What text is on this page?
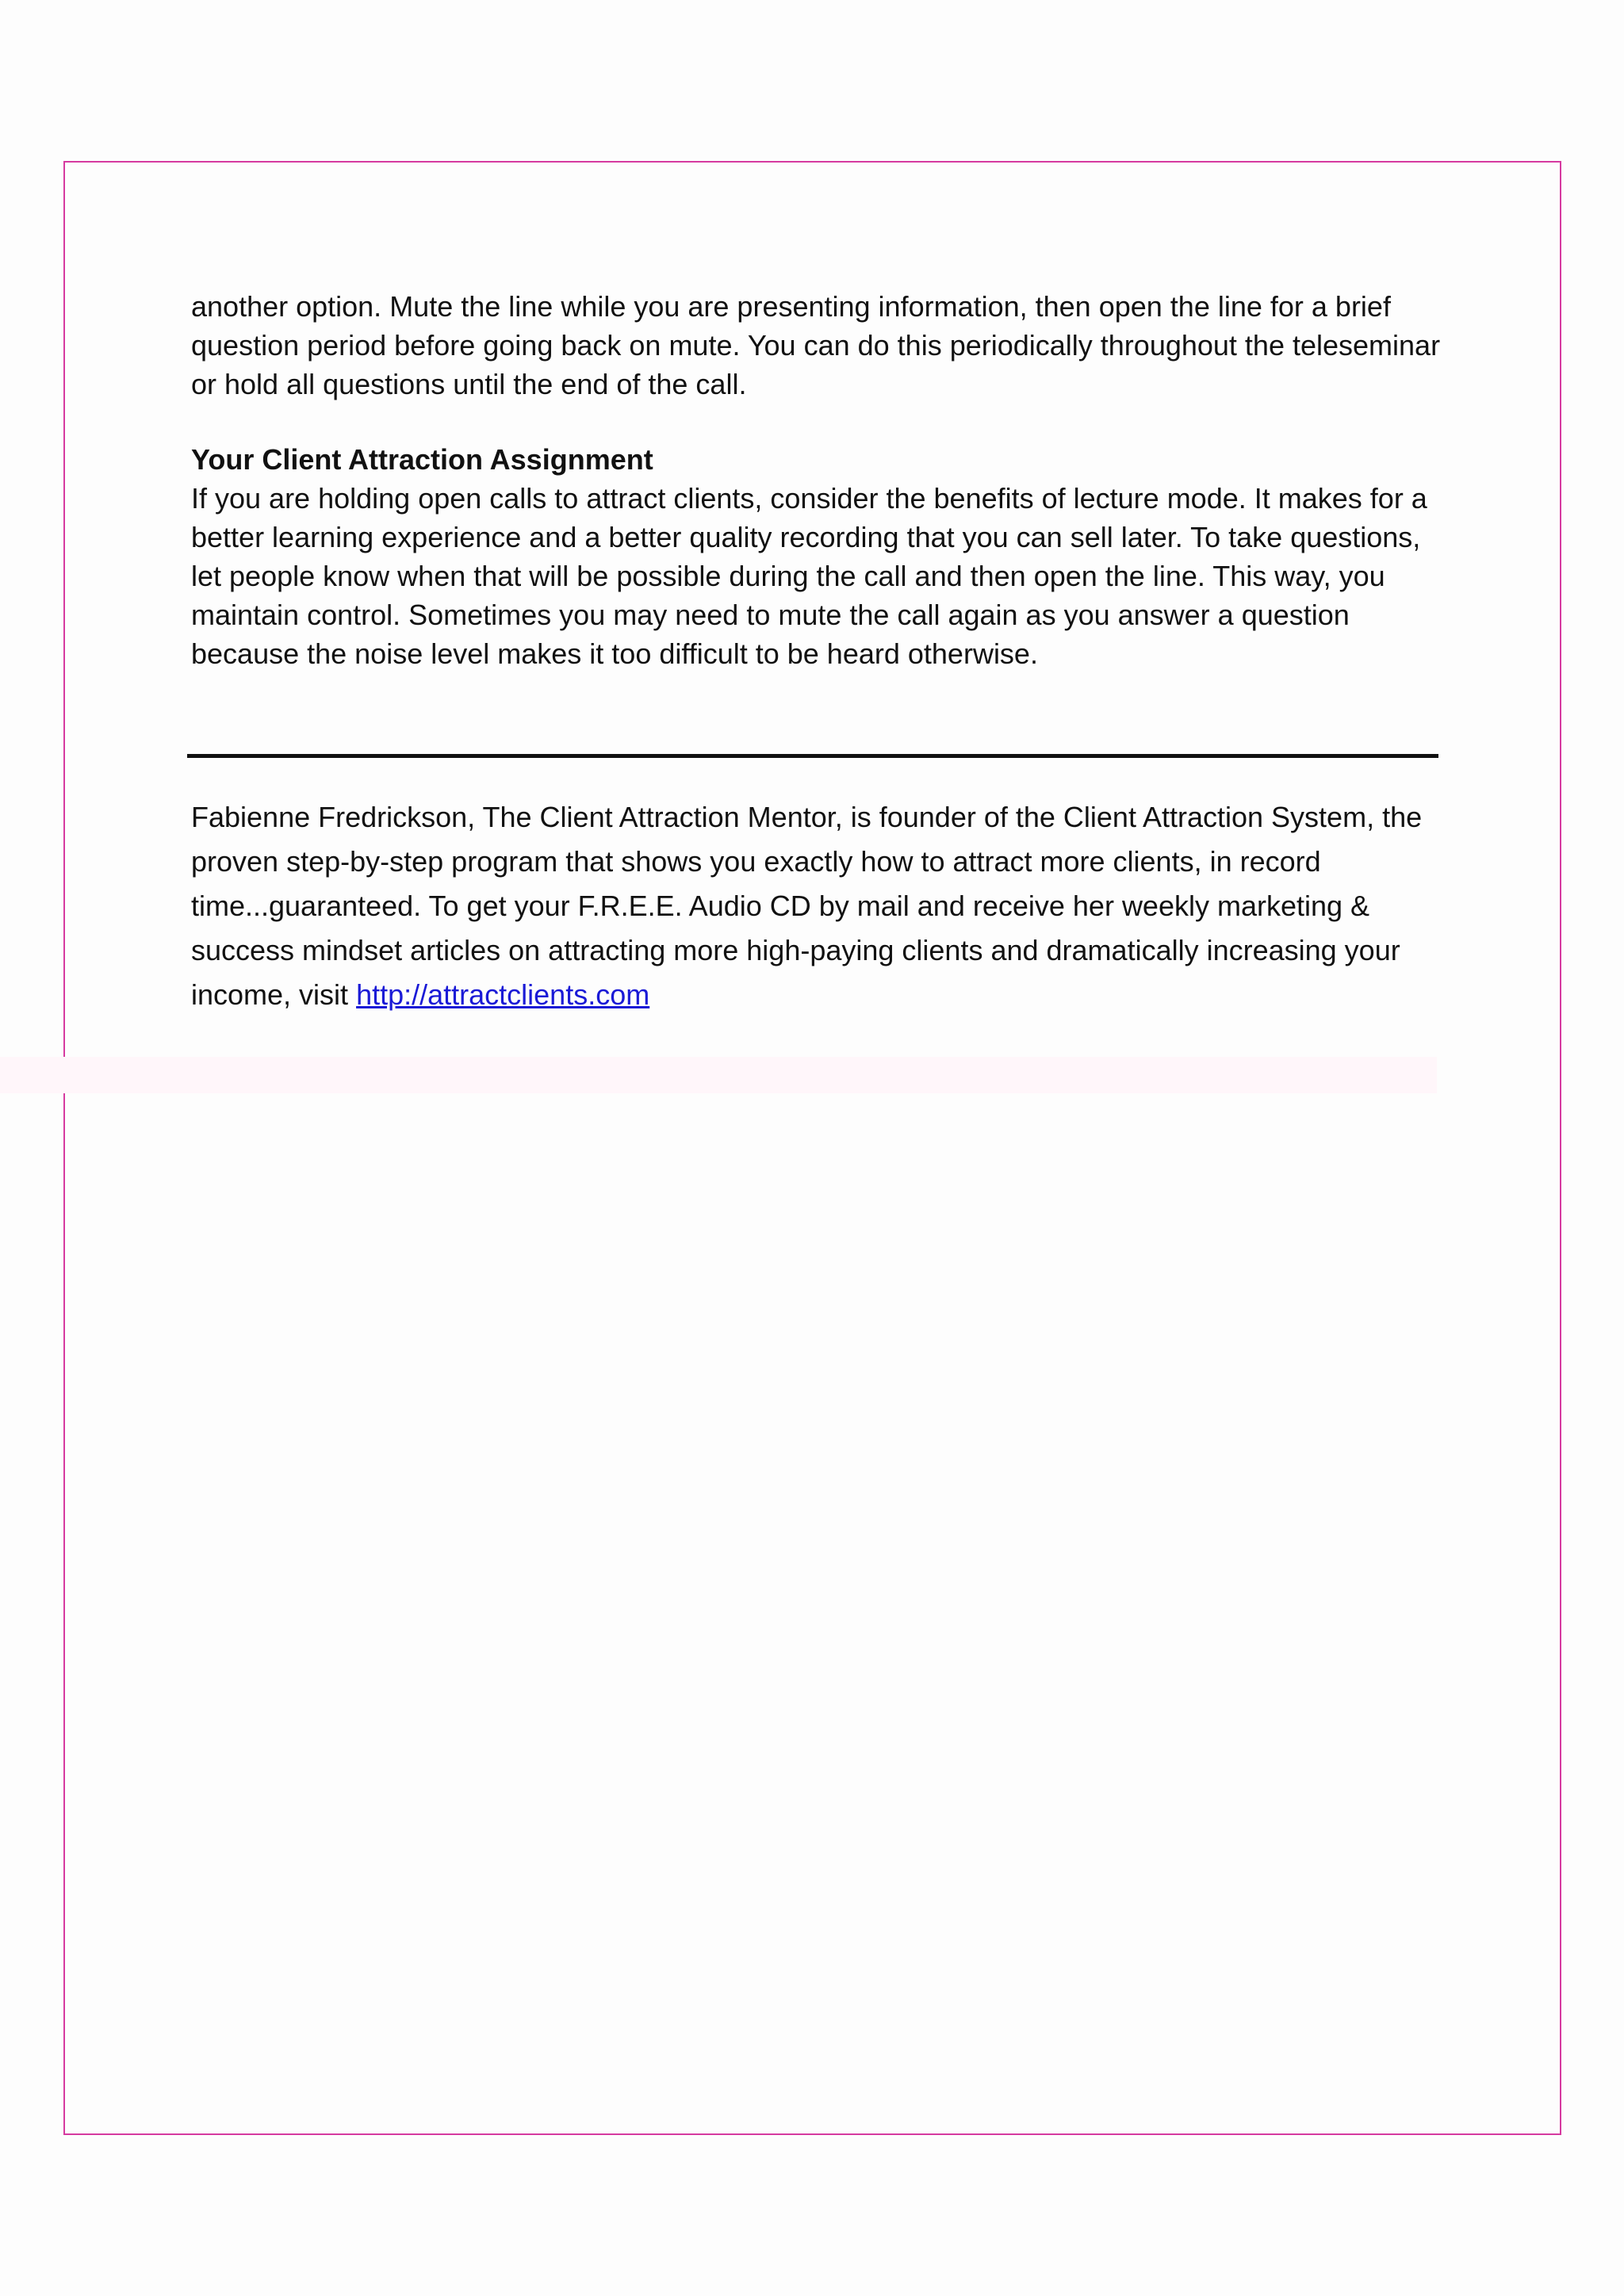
another option. Mute the line while you are presenting information, then open the line for a brief question period before going back on mute. You can do this periodically throughout the teleseminar or hold all questions until the end of the call.

Your Client Attraction Assignment

If you are holding open calls to attract clients, consider the benefits of lecture mode. It makes for a better learning experience and a better quality recording that you can sell later. To take questions, let people know when that will be possible during the call and then open the line. This way, you maintain control. Sometimes you may need to mute the call again as you answer a question because the noise level makes it too difficult to be heard otherwise.

Fabienne Fredrickson, The Client Attraction Mentor, is founder of the Client Attraction System, the proven step-by-step program that shows you exactly how to attract more clients, in record time...guaranteed. To get your F.R.E.E. Audio CD by mail and receive her weekly marketing & success mindset articles on attracting more high-paying clients and dramatically increasing your income, visit http://attractclients.com
